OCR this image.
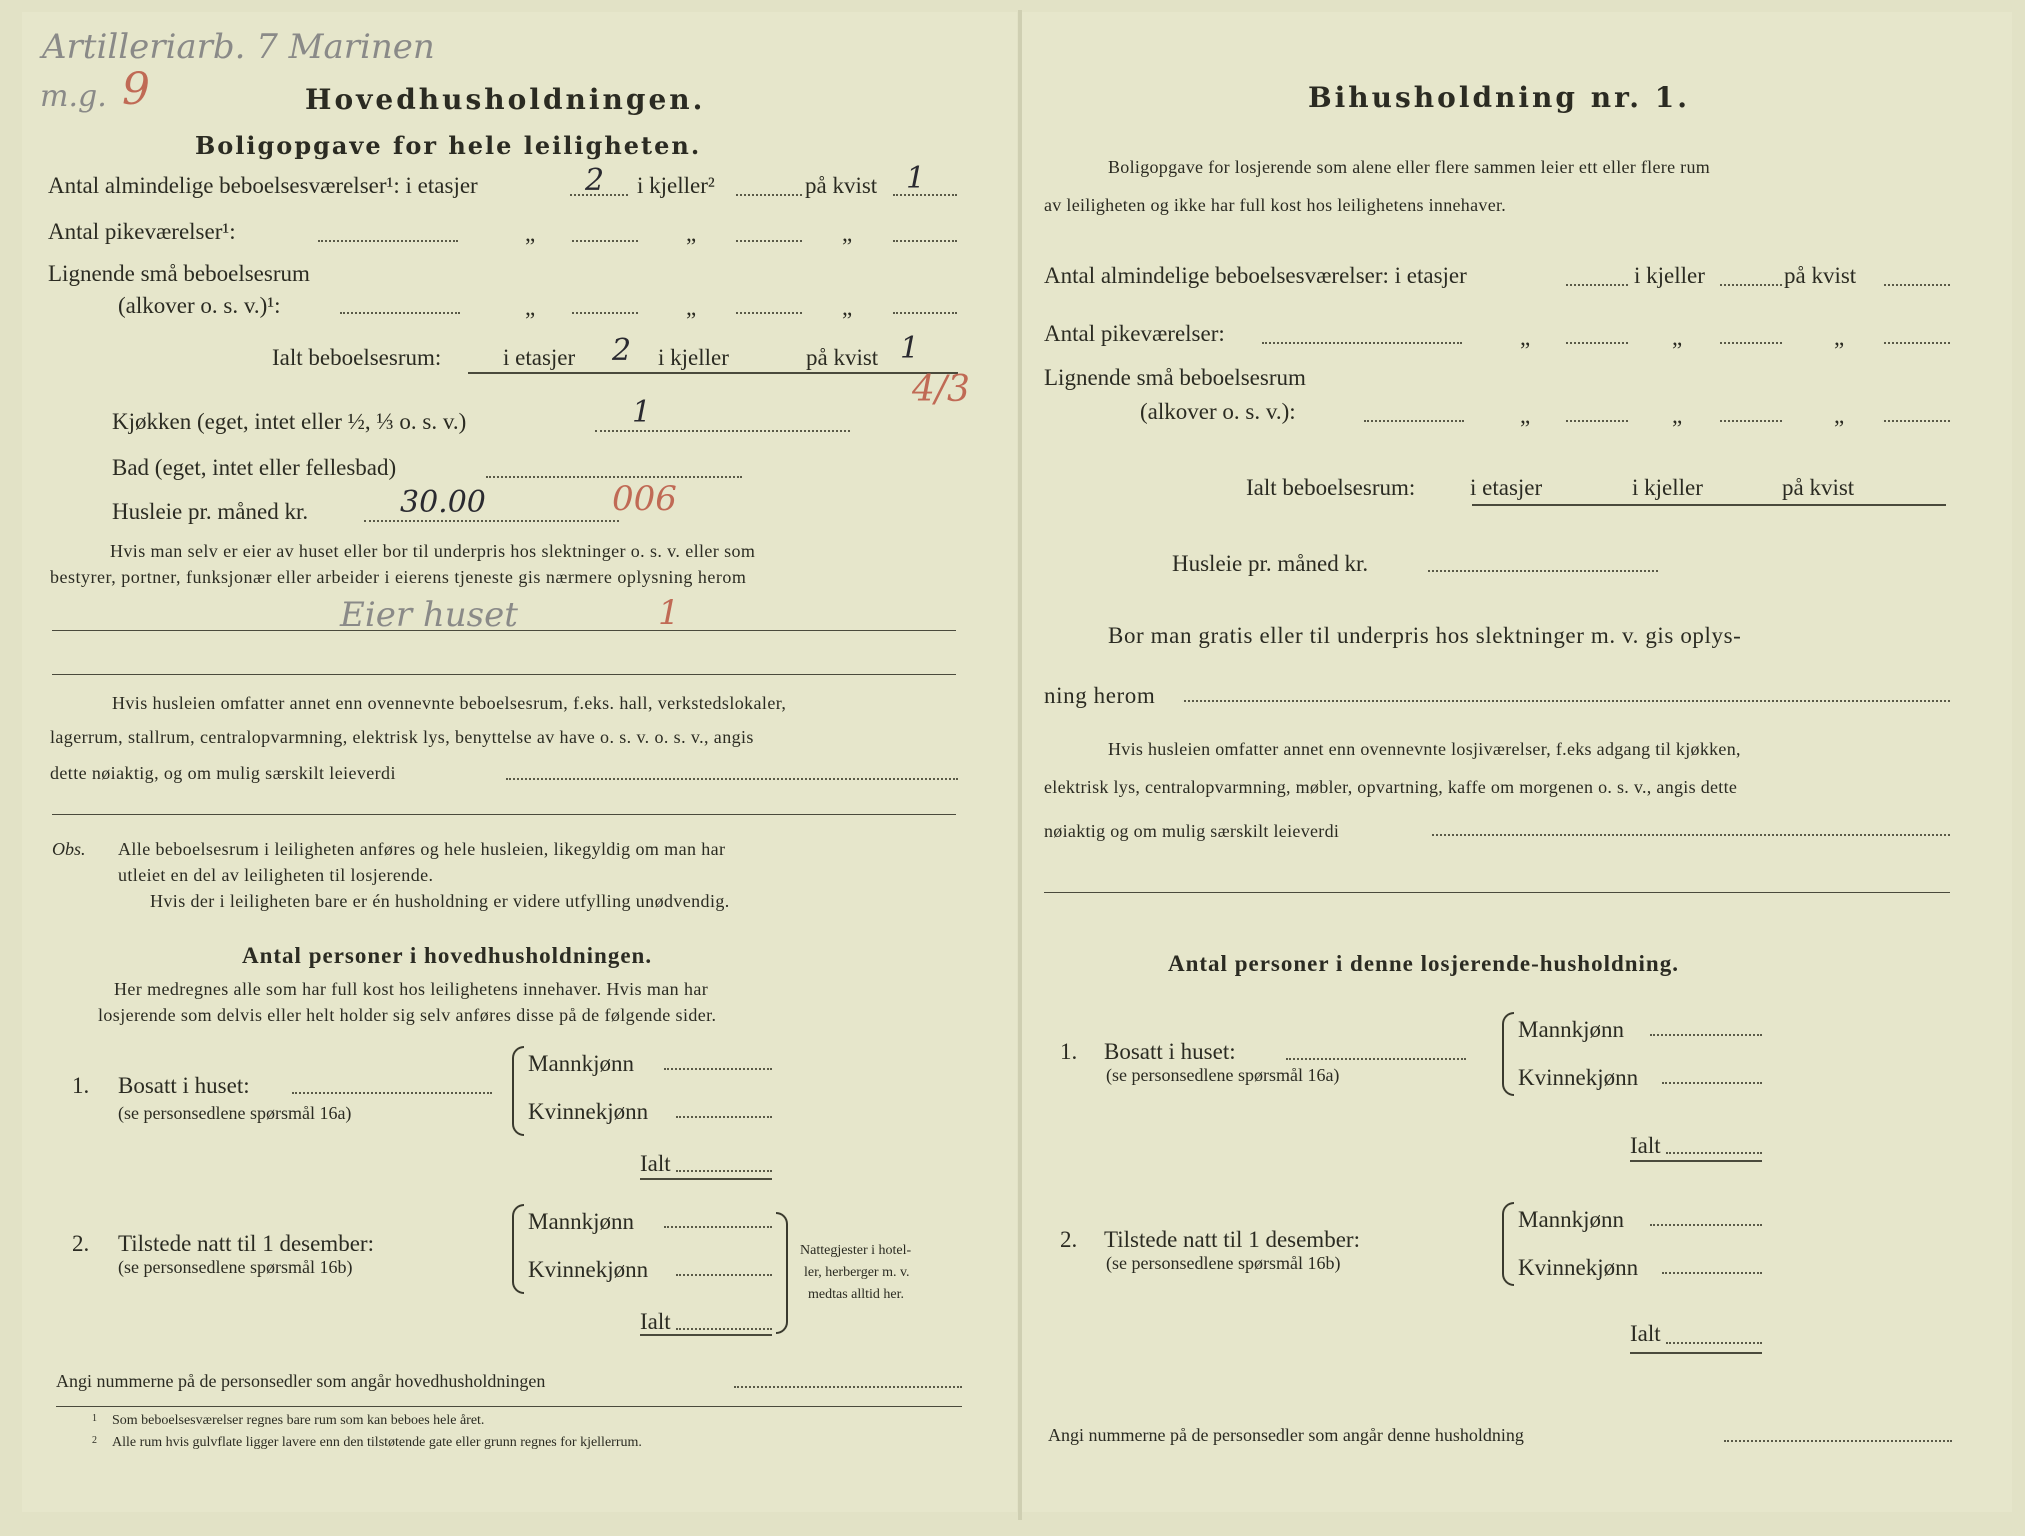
Artilleriarb. 7 Marinen
m.g. 9	Hovedhusholdningen.
Boligopgave for hele leiligheten.
Antal almindelige beboelsesværelser¹: i etasjer	2 i kjeller²	på kvist 1
Antal pikeværelser¹:	„	„	„
Lignende små beboelsesrum
(alkover o. s. v.)¹:	„	„	„
Ialt beboelsesrum:	i etasjer 2 i kjeller	på kvist 1
4/3
Kjøkken (eget, intet eller ½, ⅓ o. s. v.)	1
Bad (eget, intet eller fellesbad)
Husleie pr. måned kr.	30.00	006
Hvis man selv er eier av huset eller bor til underpris hos slektninger o. s. v. eller som
bestyrer, portner, funksjonær eller arbeider i eierens tjeneste gis nærmere oplysning herom
Eier huset	1
Hvis husleien omfatter annet enn ovennevnte beboelsesrum, f.eks. hall, verkstedslokaler,
lagerrum, stallrum, centralopvarmning, elektrisk lys, benyttelse av have o. s. v. o. s. v., angis
dette nøiaktig, og om mulig særskilt leieverdi
Obs. Alle beboelsesrum i leiligheten anføres og hele husleien, likegyldig om man har
utleiet en del av leiligheten til losjerende.
Hvis der i leiligheten bare er én husholdning er videre utfylling unødvendig.
Antal personer i hovedhusholdningen.
Her medregnes alle som har full kost hos leilighetens innehaver. Hvis man har
losjerende som delvis eller helt holder sig selv anføres disse på de følgende sider.
1. Bosatt i huset:
(se personsedlene spørsmål 16a)
Mannkjønn
Kvinnekjønn
Ialt
2. Tilstede natt til 1 desember:
(se personsedlene spørsmål 16b)
Mannkjønn
Kvinnekjønn
Ialt
Nattegjester i hotel-
ler, herberger m. v.
medtas alltid her.
Angi nummerne på de personsedler som angår hovedhusholdningen
1 Som beboelsesværelser regnes bare rum som kan beboes hele året.
2 Alle rum hvis gulvflate ligger lavere enn den tilstøtende gate eller grunn regnes for kjellerrum.
Bihusholdning nr. 1.
Boligopgave for losjerende som alene eller flere sammen leier ett eller flere rum
av leiligheten og ikke har full kost hos leilighetens innehaver.
Antal almindelige beboelsesværelser: i etasjer	i kjeller	på kvist
Antal pikeværelser:	„	„	„
Lignende små beboelsesrum
(alkover o. s. v.):	„	„	„
Ialt beboelsesrum: i etasjer	i kjeller	på kvist
Husleie pr. måned kr.
Bor man gratis eller til underpris hos slektninger m. v. gis oplys-
ning herom
Hvis husleien omfatter annet enn ovennevnte losjiværelser, f.eks adgang til kjøkken,
elektrisk lys, centralopvarmning, møbler, opvartning, kaffe om morgenen o. s. v., angis dette
nøiaktig og om mulig særskilt leieverdi
Antal personer i denne losjerende-husholdning.
1. Bosatt i huset:
(se personsedlene spørsmål 16a)
Mannkjønn
Kvinnekjønn
Ialt
2. Tilstede natt til 1 desember:
(se personsedlene spørsmål 16b)
Mannkjønn
Kvinnekjønn
Ialt
Angi nummerne på de personsedler som angår denne husholdning
